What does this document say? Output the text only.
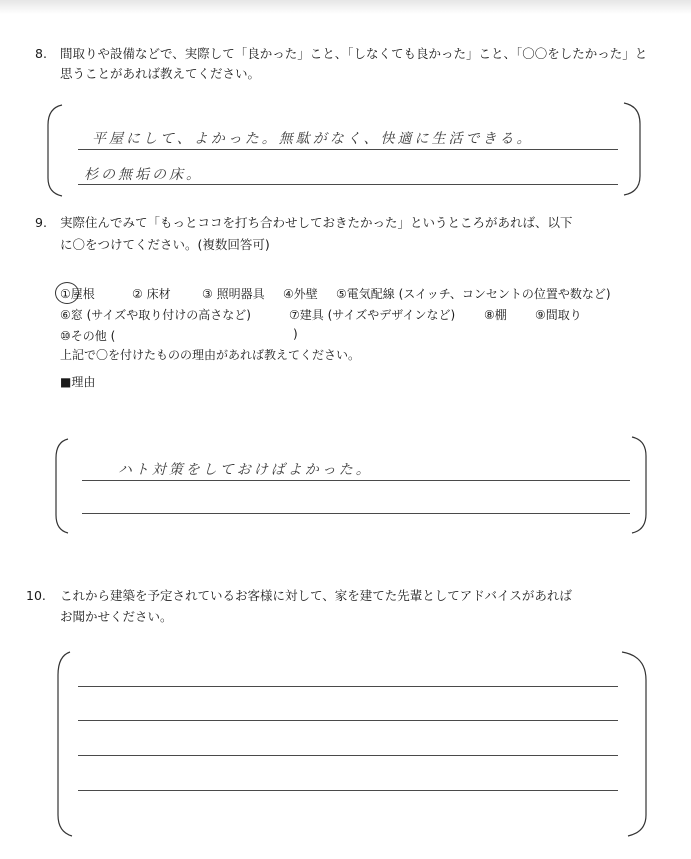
8. 間取りや設備などで、実際して「良かった」こと、「しなくても良かった」こと、「〇〇をしたかった」と
思うことがあれば教えてください。
平屋にして、よかった。無駄がなく、快適に生活できる。
杉の無垢の床。
9. 実際住んでみて「もっとココを打ち合わせしておきたかった」というところがあれば、以下
に〇をつけてください。(複数回答可)
①屋根	② 床材	③ 照明器具 ④外壁 ⑤電気配線 (スイッチ、コンセントの位置や数など)
⑥窓 (サイズや取り付けの高さなど)	⑦建具 (サイズやデザインなど) ⑧棚 ⑨間取り
⑩その他 (	)
上記で〇を付けたものの理由があれば教えてください。
■理由
ハト対策をしておけばよかった。
10. これから建築を予定されているお客様に対して、家を建てた先輩としてアドバイスがあれば
お聞かせください。
